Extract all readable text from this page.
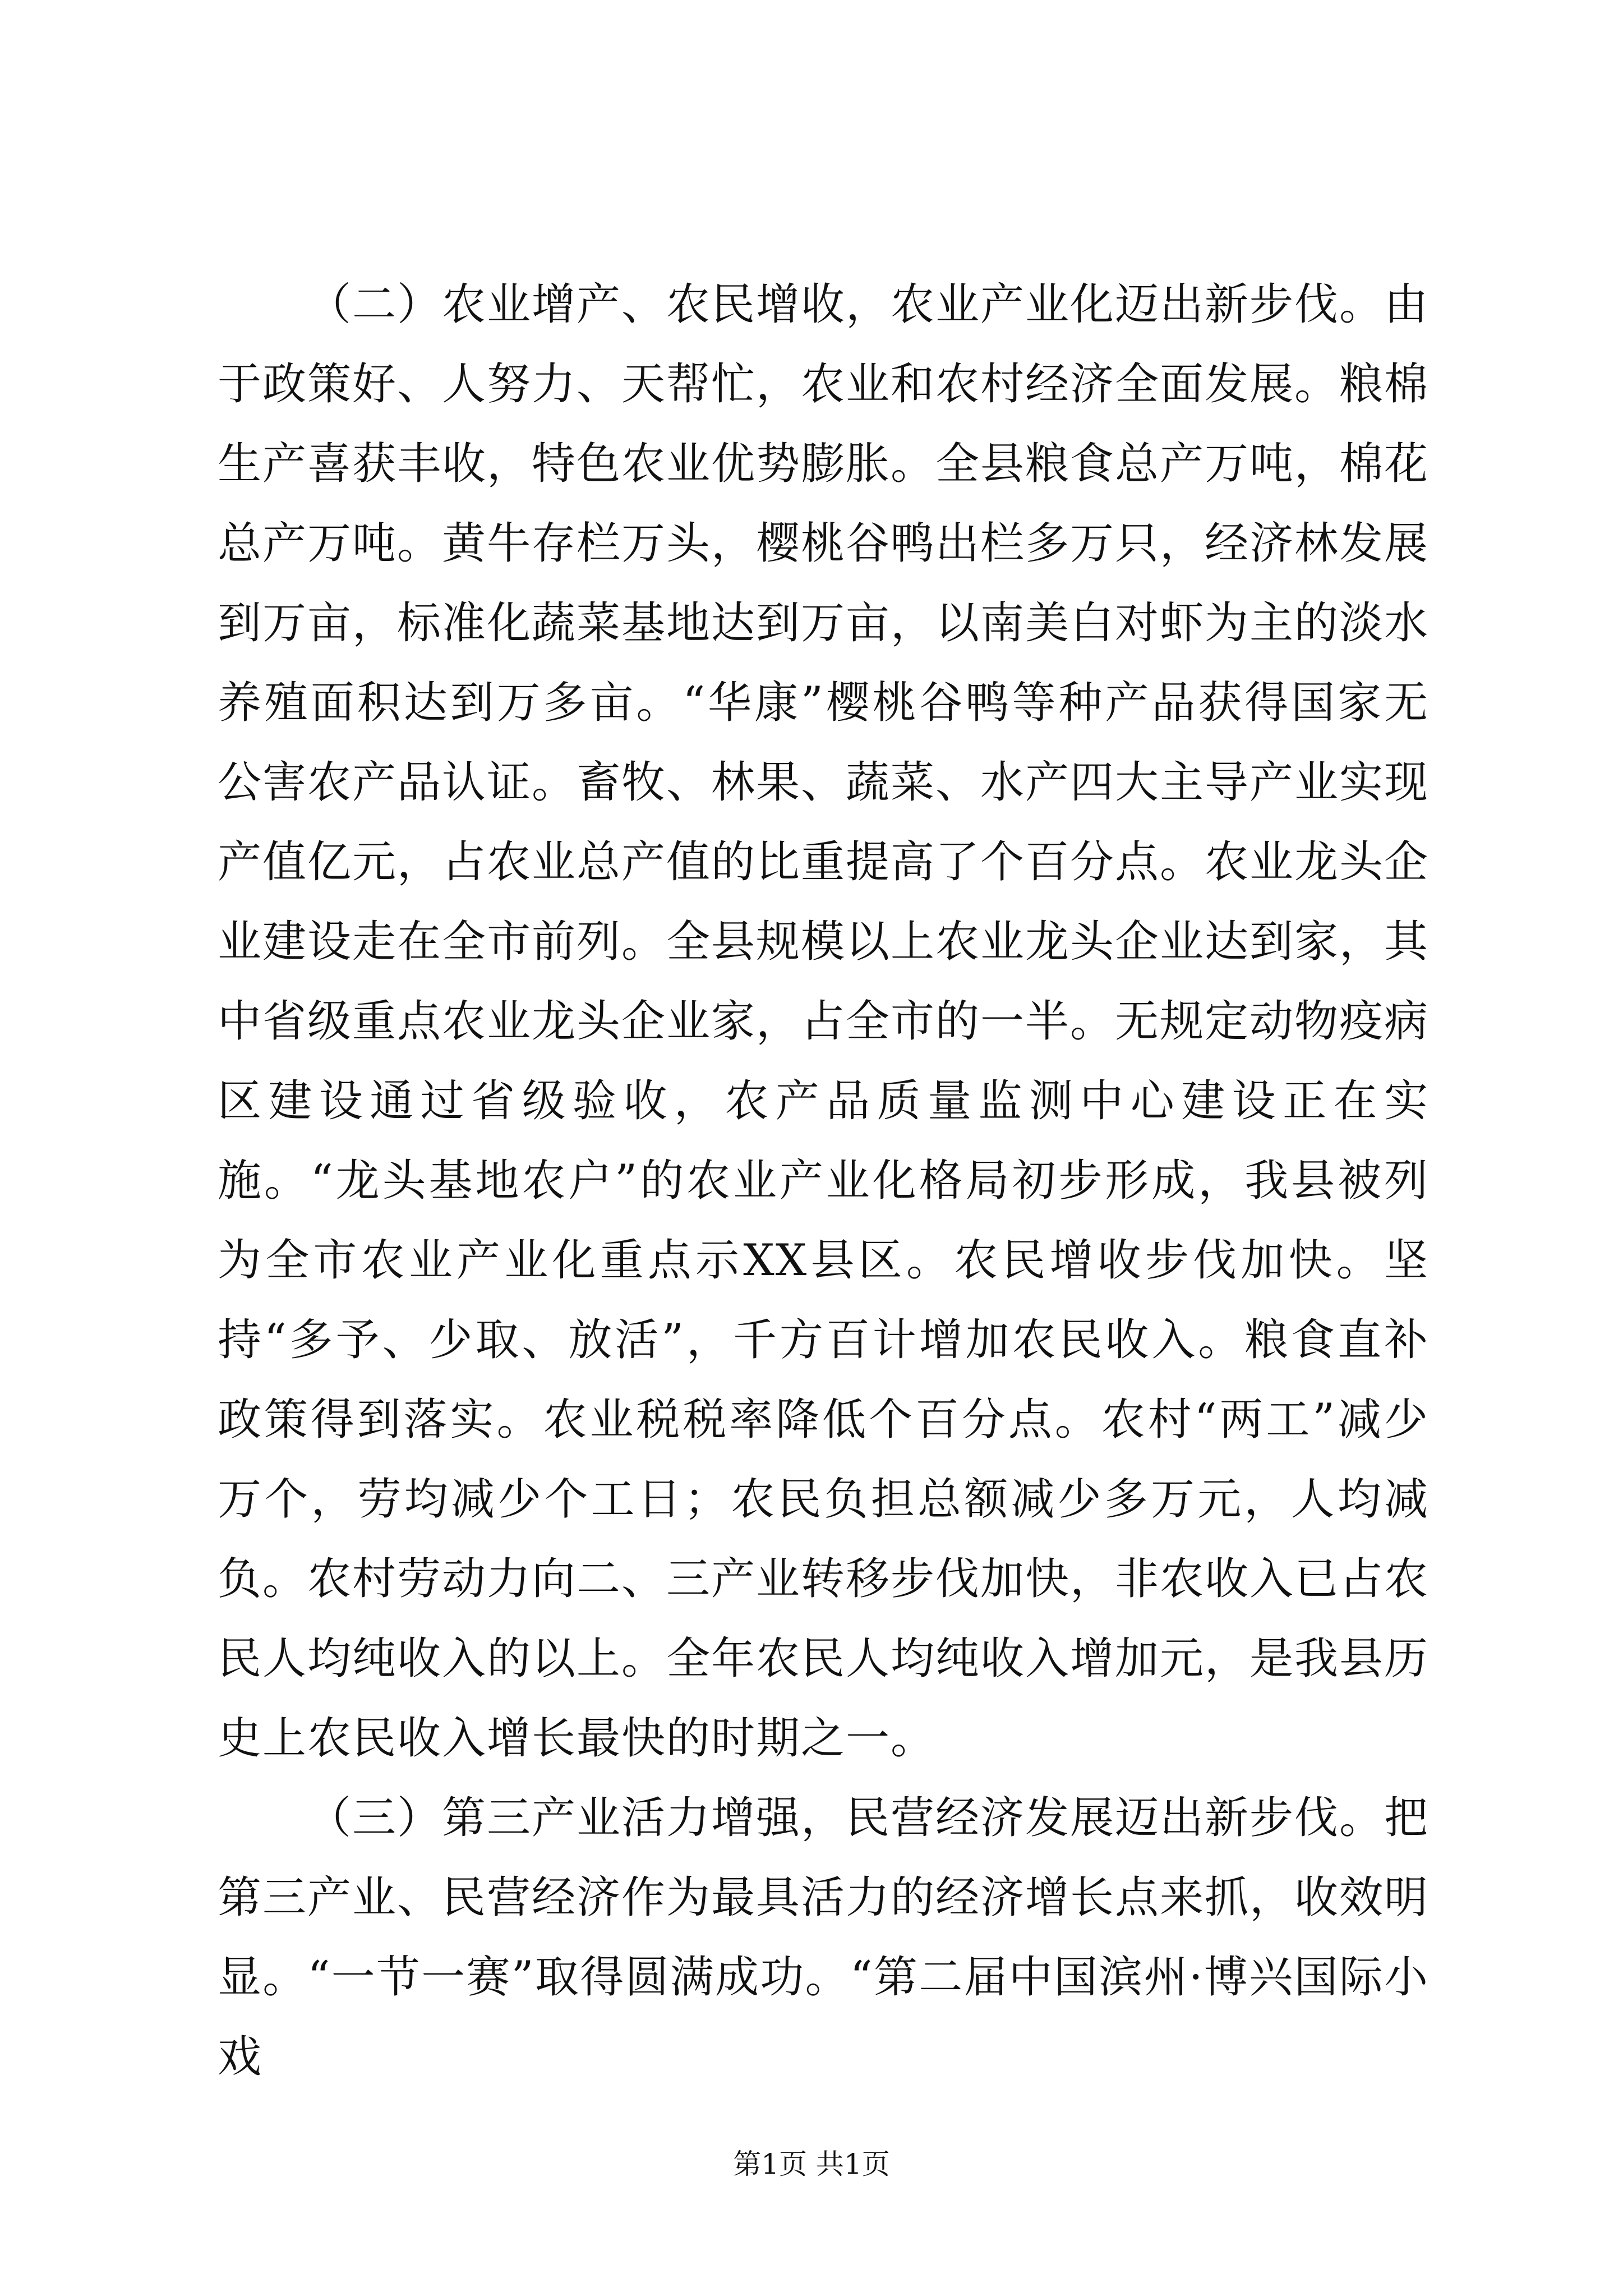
（二）农业增产、农民增收，农业产业化迈出新步伐。由于政策好、人努力、天帮忙，农业和农村经济全面发展。粮棉生产喜获丰收，特色农业优势膨胀。全县粮食总产万吨，棉花总产万吨。黄牛存栏万头，樱桃谷鸭出栏多万只，经济林发展到万亩，标准化蔬菜基地达到万亩，以南美白对虾为主的淡水养殖面积达到万多亩。“华康”樱桃谷鸭等种产品获得国家无公害农产品认证。畜牧、林果、蔬菜、水产四大主导产业实现产值亿元，占农业总产值的比重提高了个百分点。农业龙头企业建设走在全市前列。全县规模以上农业龙头企业达到家，其中省级重点农业龙头企业家，占全市的一半。无规定动物疫病区建设通过省级验收，农产品质量监测中心建设正在实施。“龙头基地农户”的农业产业化格局初步形成，我县被列为全市农业产业化重点示XX县区。农民增收步伐加快。坚持“多予、少取、放活”，千方百计增加农民收入。粮食直补政策得到落实。农业税税率降低个百分点。农村“两工”减少万个，劳均减少个工日；农民负担总额减少多万元，人均减负。农村劳动力向二、三产业转移步伐加快，非农收入已占农民人均纯收入的以上。全年农民人均纯收入增加元，是我县历史上农民收入增长最快的时期之一。

（三）第三产业活力增强，民营经济发展迈出新步伐。把第三产业、民营经济作为最具活力的经济增长点来抓，收效明显。“一节一赛”取得圆满成功。“第二届中国滨州·博兴国际小戏

第1页 共1页
